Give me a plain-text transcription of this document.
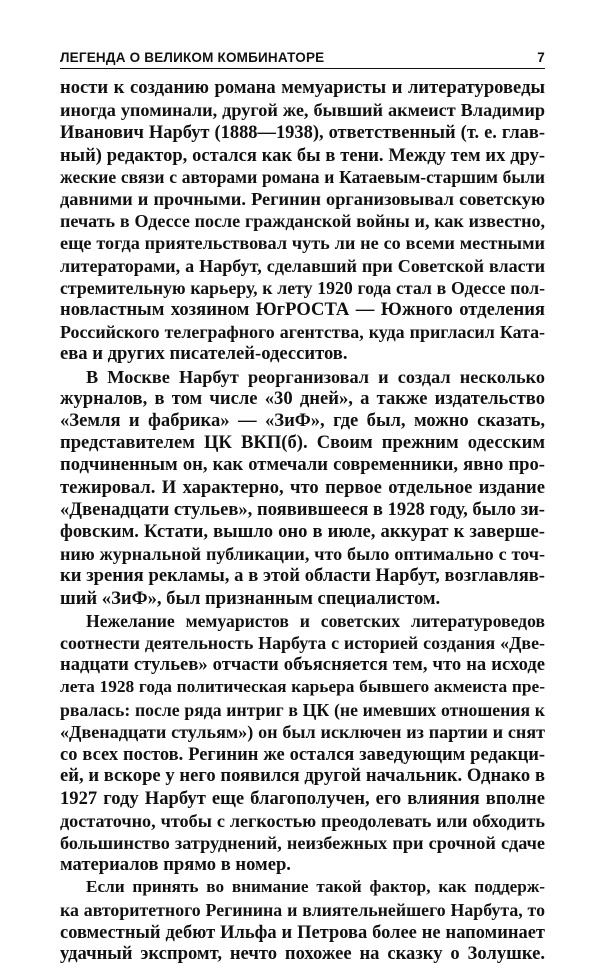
ЛЕГЕНДА О ВЕЛИКОМ КОМБИНАТОРЕ	7

ности к созданию романа мемуаристы и литературоведы
иногда упоминали, другой же, бывший акмеист Владимир
Иванович Нарбут (1888—1938), ответственный (т. е. глав-
ный) редактор, остался как бы в тени. Между тем их дру-
жеские связи с авторами романа и Катаевым-старшим были
давними и прочными. Регинин организовывал советскую
печать в Одессе после гражданской войны и, как известно,
еще тогда приятельствовал чуть ли не со всеми местными
литераторами, а Нарбут, сделавший при Советской власти
стремительную карьеру, к лету 1920 года стал в Одессе пол-
новластным хозяином ЮгРОСТА — Южного отделения
Российского телеграфного агентства, куда пригласил Ката-
ева и других писателей-одесситов.

В Москве Нарбут реорганизовал и создал несколько
журналов, в том числе «30 дней», а также издательство
«Земля и фабрика» — «ЗиФ», где был, можно сказать,
представителем ЦК ВКП(б). Своим прежним одесским
подчиненным он, как отмечали современники, явно про-
тежировал. И характерно, что первое отдельное издание
«Двенадцати стульев», появившееся в 1928 году, было зи-
фовским. Кстати, вышло оно в июле, аккурат к заверше-
нию журнальной публикации, что было оптимально с точ-
ки зрения рекламы, а в этой области Нарбут, возглавляв-
ший «ЗиФ», был признанным специалистом.

Нежелание мемуаристов и советских литературоведов
соотнести деятельность Нарбута с историей создания «Две-
надцати стульев» отчасти объясняется тем, что на исходе
лета 1928 года политическая карьера бывшего акмеиста пре-
рвалась: после ряда интриг в ЦК (не имевших отношения к
«Двенадцати стульям») он был исключен из партии и снят
со всех постов. Регинин же остался заведующим редакци-
ей, и вскоре у него появился другой начальник. Однако в
1927 году Нарбут еще благополучен, его влияния вполне
достаточно, чтобы с легкостью преодолевать или обходить
большинство затруднений, неизбежных при срочной сдаче
материалов прямо в номер.

Если принять во внимание такой фактор, как поддерж-
ка авторитетного Регинина и влиятельнейшего Нарбута, то
совместный дебют Ильфа и Петрова более не напоминает
удачный экспромт, нечто похожее на сказку о Золушке.
